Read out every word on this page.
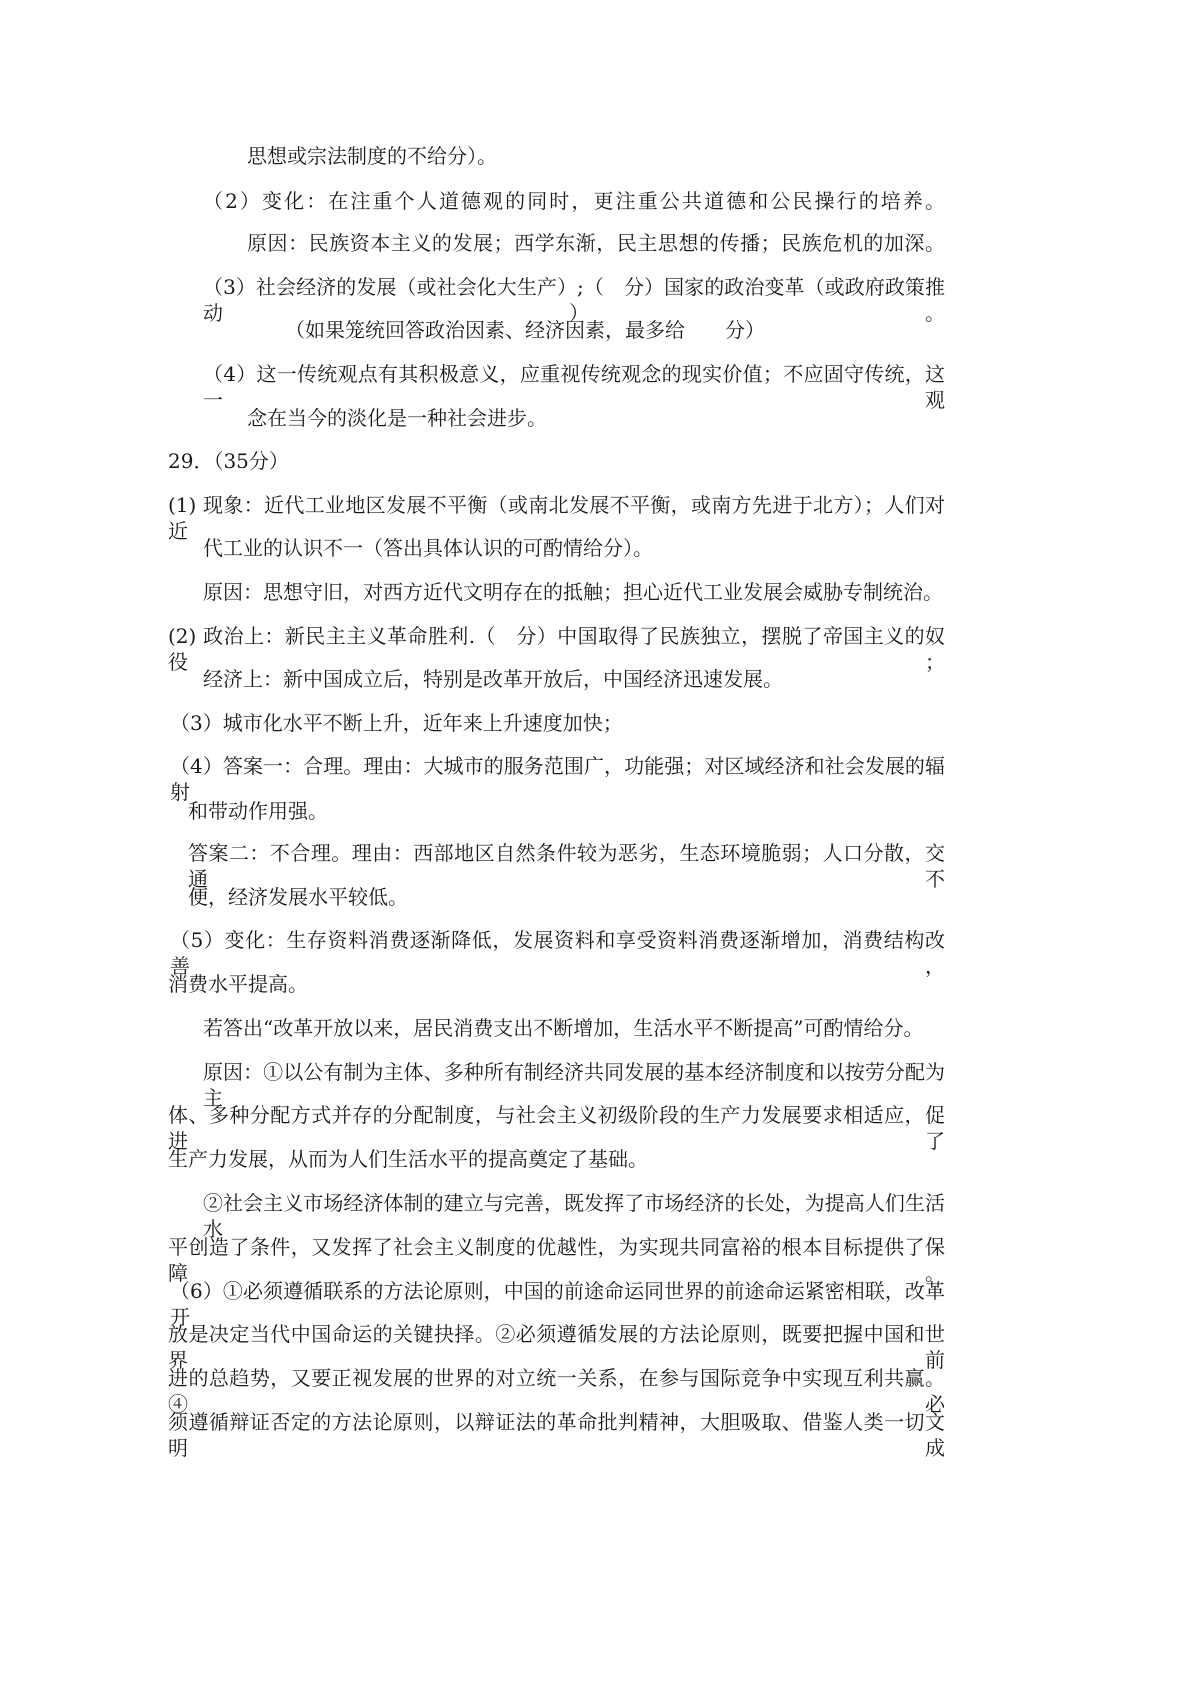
思想或宗法制度的不给分）。
（2）变化：在注重个人道德观的同时，更注重公共道德和公民操行的培养。
原因：民族资本主义的发展；西学东渐，民主思想的传播；民族危机的加深。
（3）社会经济的发展（或社会化大生产）;（　分）国家的政治变革（或政府政策推动）。
（如果笼统回答政治因素、经济因素，最多给　　分）
（4）这一传统观点有其积极意义，应重视传统观念的现实价值；不应固守传统，这一观
念在当今的淡化是一种社会进步。
29．（35分）
(1) 现象：近代工业地区发展不平衡（或南北发展不平衡，或南方先进于北方）；人们对近
代工业的认识不一（答出具体认识的可酌情给分）。
原因：思想守旧，对西方近代文明存在的抵触；担心近代工业发展会威胁专制统治。
(2) 政治上：新民主主义革命胜利.（　分）中国取得了民族独立，摆脱了帝国主义的奴役；
经济上：新中国成立后，特别是改革开放后，中国经济迅速发展。
（3）城市化水平不断上升，近年来上升速度加快；
（4）答案一：合理。理由：大城市的服务范围广，功能强；对区域经济和社会发展的辐射
和带动作用强。
答案二：不合理。理由：西部地区自然条件较为恶劣，生态环境脆弱；人口分散，交通不
便，经济发展水平较低。
（5）变化：生存资料消费逐渐降低，发展资料和享受资料消费逐渐增加，消费结构改善，
消费水平提高。
若答出“改革开放以来，居民消费支出不断增加，生活水平不断提高”可酌情给分。
原因：①以公有制为主体、多种所有制经济共同发展的基本经济制度和以按劳分配为主
体、多种分配方式并存的分配制度，与社会主义初级阶段的生产力发展要求相适应，促进了
生产力发展，从而为人们生活水平的提高奠定了基础。
②社会主义市场经济体制的建立与完善，既发挥了市场经济的长处，为提高人们生活水
平创造了条件，又发挥了社会主义制度的优越性，为实现共同富裕的根本目标提供了保障。
（6）①必须遵循联系的方法论原则，中国的前途命运同世界的前途命运紧密相联，改革开
放是决定当代中国命运的关键抉择。②必须遵循发展的方法论原则，既要把握中国和世界前
进的总趋势，又要正视发展的世界的对立统一关系，在参与国际竞争中实现互利共赢。④必
须遵循辩证否定的方法论原则，以辩证法的革命批判精神，大胆吸取、借鉴人类一切文明成
